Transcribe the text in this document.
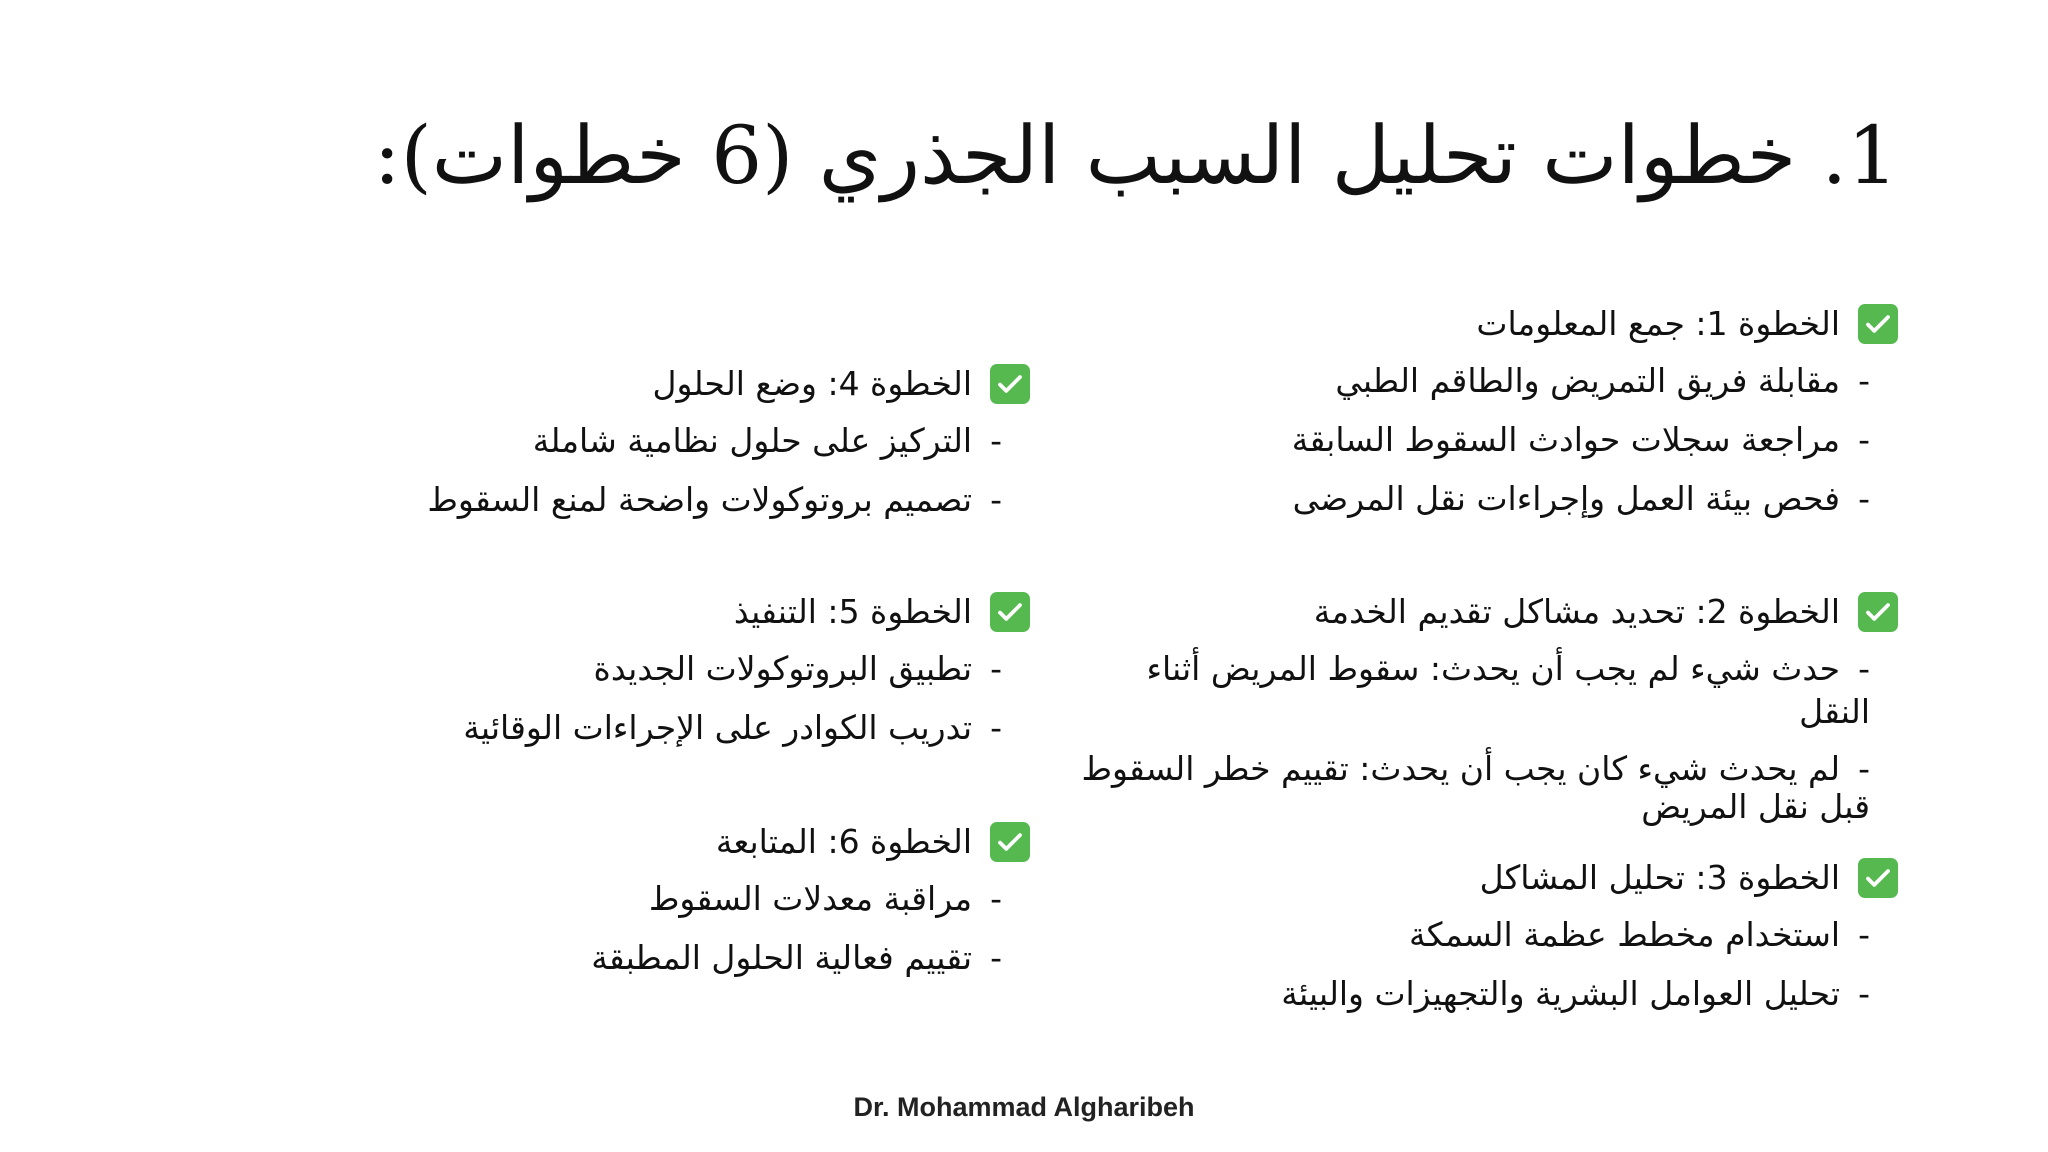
1. خطوات تحليل السبب الجذري (6 خطوات):
الخطوة 1: جمع المعلومات
-مقابلة فريق التمريض والطاقم الطبي
-مراجعة سجلات حوادث السقوط السابقة
-فحص بيئة العمل وإجراءات نقل المرضى
الخطوة 2: تحديد مشاكل تقديم الخدمة
-حدث شيء لم يجب أن يحدث: سقوط المريض أثناء النقل
-لم يحدث شيء كان يجب أن يحدث: تقييم خطر السقوط قبل نقل المريض
الخطوة 3: تحليل المشاكل
-استخدام مخطط عظمة السمكة
-تحليل العوامل البشرية والتجهيزات والبيئة
الخطوة 4: وضع الحلول
-التركيز على حلول نظامية شاملة
-تصميم بروتوكولات واضحة لمنع السقوط
الخطوة 5: التنفيذ
-تطبيق البروتوكولات الجديدة
-تدريب الكوادر على الإجراءات الوقائية
الخطوة 6: المتابعة
-مراقبة معدلات السقوط
-تقييم فعالية الحلول المطبقة
Dr. Mohammad Algharibeh
